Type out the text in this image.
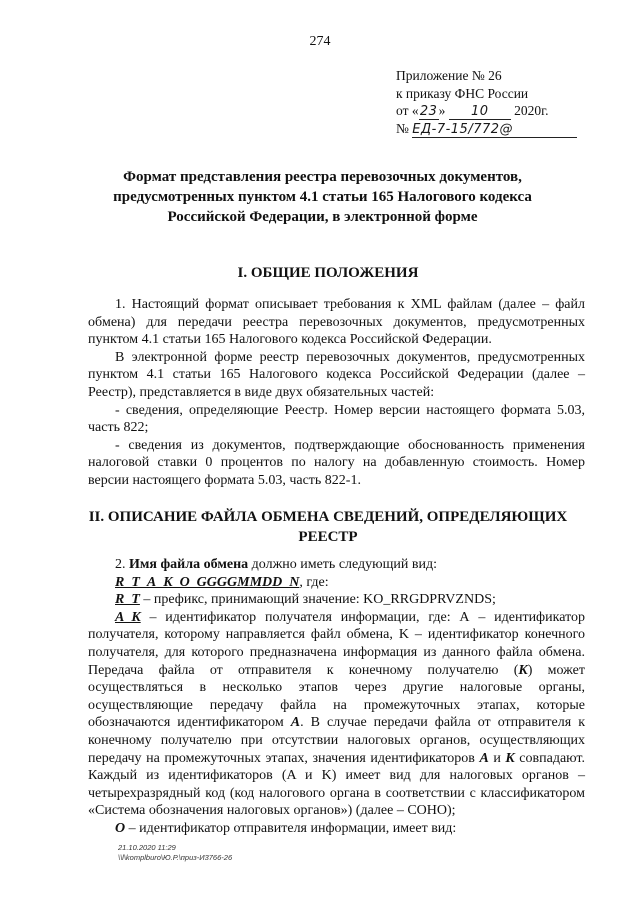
274
Приложение № 26
к приказу ФНС России
от «23» 10 2020г.
№ ЕД-7-15/772@
Формат представления реестра перевозочных документов,
предусмотренных пунктом 4.1 статьи 165 Налогового кодекса
Российской Федерации, в электронной форме
I. ОБЩИЕ ПОЛОЖЕНИЯ

1. Настоящий формат описывает требования к XML файлам (далее – файл обмена) для передачи реестра перевозочных документов, предусмотренных пунктом 4.1 статьи 165 Налогового кодекса Российской Федерации.

В электронной форме реестр перевозочных документов, предусмотренных пунктом 4.1 статьи 165 Налогового кодекса Российской Федерации (далее – Реестр), представляется в виде двух обязательных частей:

- сведения, определяющие Реестр. Номер версии настоящего формата 5.03, часть 822;

- сведения из документов, подтверждающие обоснованность применения налоговой ставки 0 процентов по налогу на добавленную стоимость. Номер версии настоящего формата 5.03, часть 822-1.

II. ОПИСАНИЕ ФАЙЛА ОБМЕНА СВЕДЕНИЙ, ОПРЕДЕЛЯЮЩИХ
РЕЕСТР

2. Имя файла обмена должно иметь следующий вид:

R_T_A_K_O_GGGGMMDD_N, где:

R_T – префикс, принимающий значение: KO_RRGDPRVZNDS;

A_K – идентификатор получателя информации, где: А – идентификатор получателя, которому направляется файл обмена, K – идентификатор конечного получателя, для которого предназначена информация из данного файла обмена. Передача файла от отправителя к конечному получателю (K) может осуществляться в несколько этапов через другие налоговые органы, осуществляющие передачу файла на промежуточных этапах, которые обозначаются идентификатором А. В случае передачи файла от отправителя к конечному получателю при отсутствии налоговых органов, осуществляющих передачу на промежуточных этапах, значения идентификаторов А и K совпадают. Каждый из идентификаторов (A и K) имеет вид для налоговых органов – четырехразрядный код (код налогового органа в соответствии с классификатором «Система обозначения налоговых органов») (далее – СОНО);

O – идентификатор отправителя информации, имеет вид:

21.10.2020 11:29
\\l\komplburo\Ю.Р.\приз-И3766-26
